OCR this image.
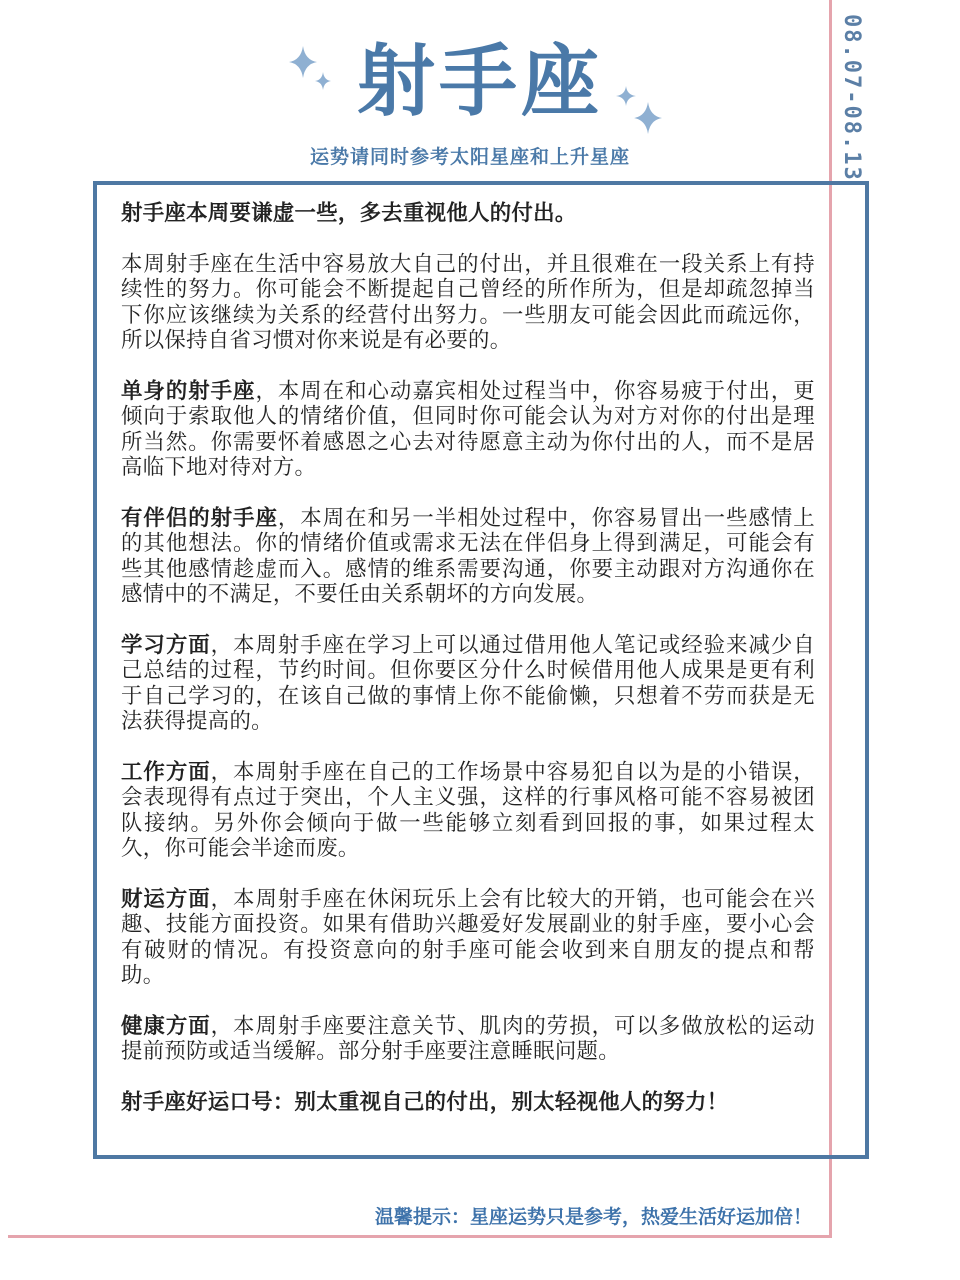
08.07-08.13
射手座
运势请同时参考太阳星座和上升星座

射手座本周要谦虚一些，多去重视他人的付出。

本周射手座在生活中容易放大自己的付出，并且很难在一段关系上有持续性的努力。你可能会不断提起自己曾经的所作所为，但是却疏忽掉当下你应该继续为关系的经营付出努力。一些朋友可能会因此而疏远你，所以保持自省习惯对你来说是有必要的。

单身的射手座，本周在和心动嘉宾相处过程当中，你容易疲于付出，更倾向于索取他人的情绪价值，但同时你可能会认为对方对你的付出是理所当然。你需要怀着感恩之心去对待愿意主动为你付出的人，而不是居高临下地对待对方。

有伴侣的射手座，本周在和另一半相处过程中，你容易冒出一些感情上的其他想法。你的情绪价值或需求无法在伴侣身上得到满足，可能会有些其他感情趁虚而入。感情的维系需要沟通，你要主动跟对方沟通你在感情中的不满足，不要任由关系朝坏的方向发展。

学习方面，本周射手座在学习上可以通过借用他人笔记或经验来减少自己总结的过程，节约时间。但你要区分什么时候借用他人成果是更有利于自己学习的，在该自己做的事情上你不能偷懒，只想着不劳而获是无法获得提高的。

工作方面，本周射手座在自己的工作场景中容易犯自以为是的小错误，会表现得有点过于突出，个人主义强，这样的行事风格可能不容易被团队接纳。另外你会倾向于做一些能够立刻看到回报的事，如果过程太久，你可能会半途而废。

财运方面，本周射手座在休闲玩乐上会有比较大的开销，也可能会在兴趣、技能方面投资。如果有借助兴趣爱好发展副业的射手座，要小心会有破财的情况。有投资意向的射手座可能会收到来自朋友的提点和帮助。

健康方面，本周射手座要注意关节、肌肉的劳损，可以多做放松的运动提前预防或适当缓解。部分射手座要注意睡眠问题。

射手座好运口号：别太重视自己的付出，别太轻视他人的努力！

温馨提示：星座运势只是参考，热爱生活好运加倍！
